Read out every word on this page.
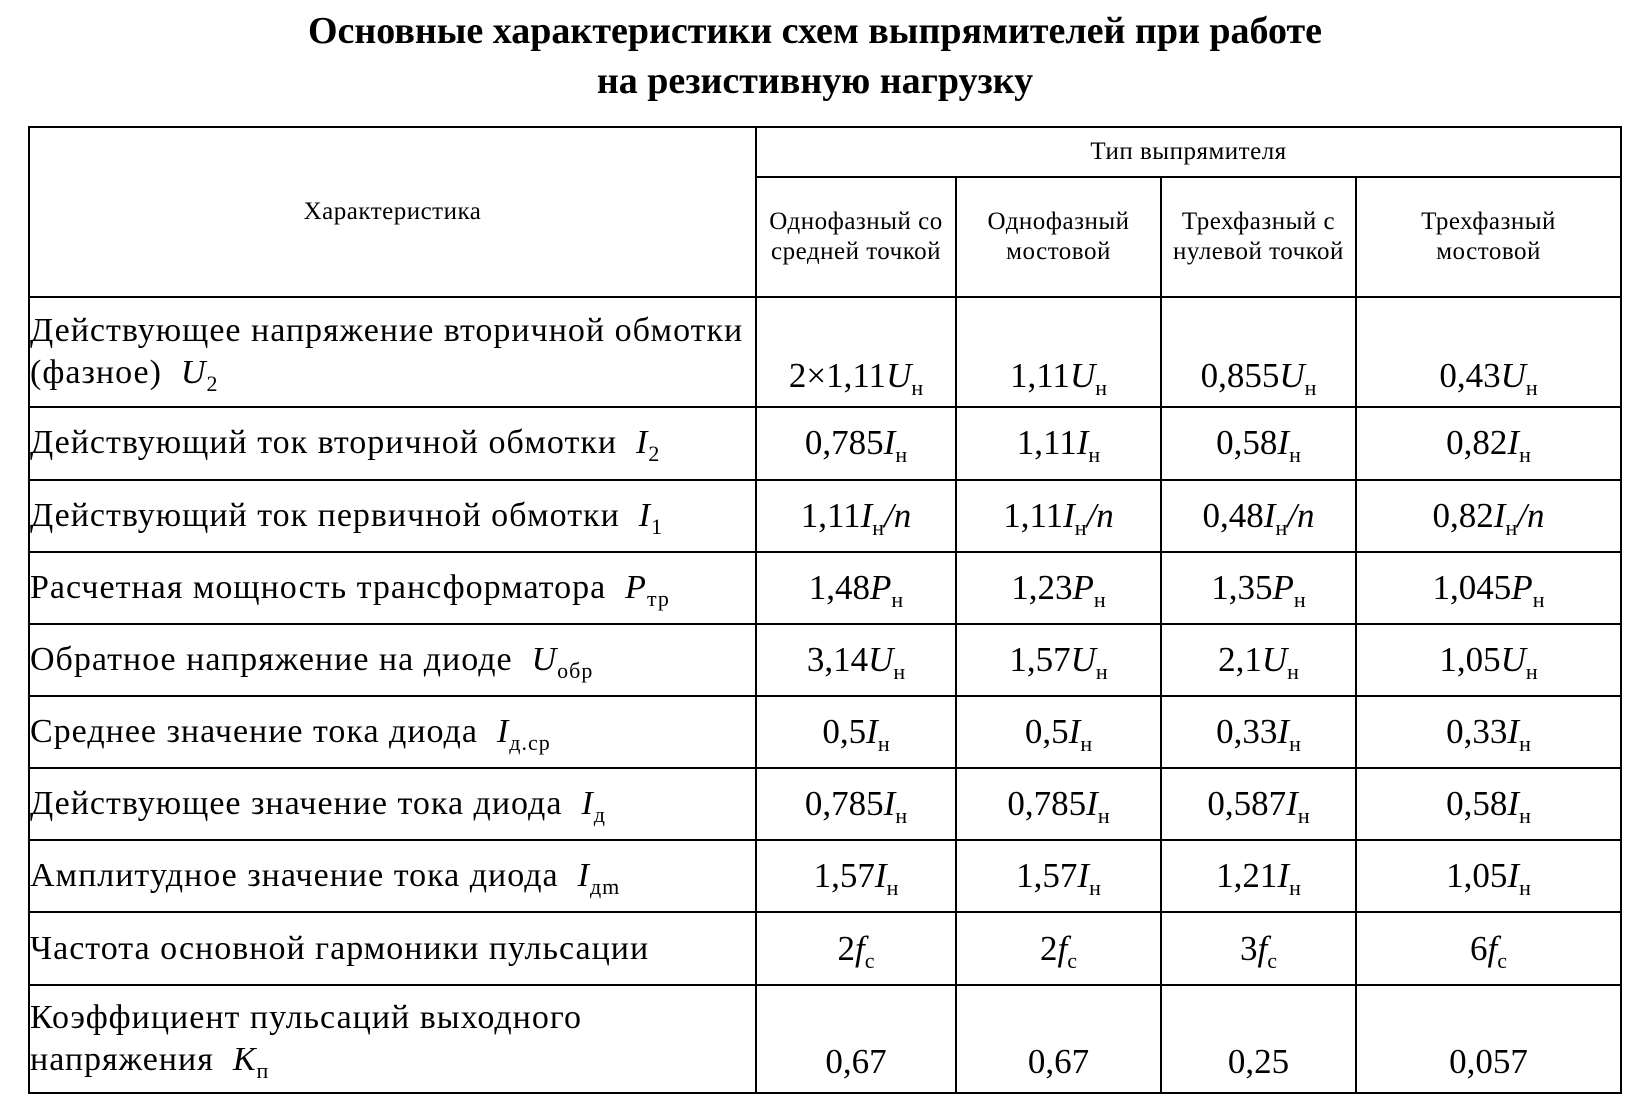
Основные характеристики схем выпрямителей при работе
на резистивную нагрузку
Характеристика	Тип выпрямителя			
	Однофазный со средней точкой	Однофазный мостовой	Трехфазный с нулевой точкой	Трехфазный мостовой
Действующее напряжение вторичной обмотки (фазное) $U_2$	$2\times 1,11U_н$	$1,11U_н$	$0,855U_н$	$0,43U_н$
Действующий ток вторичной обмотки $I_2$	$0,785I_н$	$1,11I_н$	$0,58I_н$	$0,82I_н$
Действующий ток первичной обмотки $I_1$	$1,11I_н/n$	$1,11I_н/n$	$0,48I_н/n$	$0,82I_н/n$
Расчетная мощность трансформатора $P_{тр}$	$1,48P_н$	$1,23P_н$	$1,35P_н$	$1,045P_н$
Обратное напряжение на диоде $U_{обр}$	$3,14U_н$	$1,57U_н$	$2,1U_н$	$1,05U_н$
Среднее значение тока диода $I_{д.ср}$	$0,5I_н$	$0,5I_н$	$0,33I_н$	$0,33I_н$
Действующее значение тока диода $I_д$	$0,785I_н$	$0,785I_н$	$0,587I_н$	$0,58I_н$
Амплитудное значение тока диода $I_{дm}$	$1,57I_н$	$1,57I_н$	$1,21I_н$	$1,05I_н$
Частота основной гармоники пульсации	$2f_с$	$2f_с$	$3f_с$	$6f_с$
Коэффициент пульсаций выходного напряжения $K_п$	0,67	0,67	0,25	0,057
